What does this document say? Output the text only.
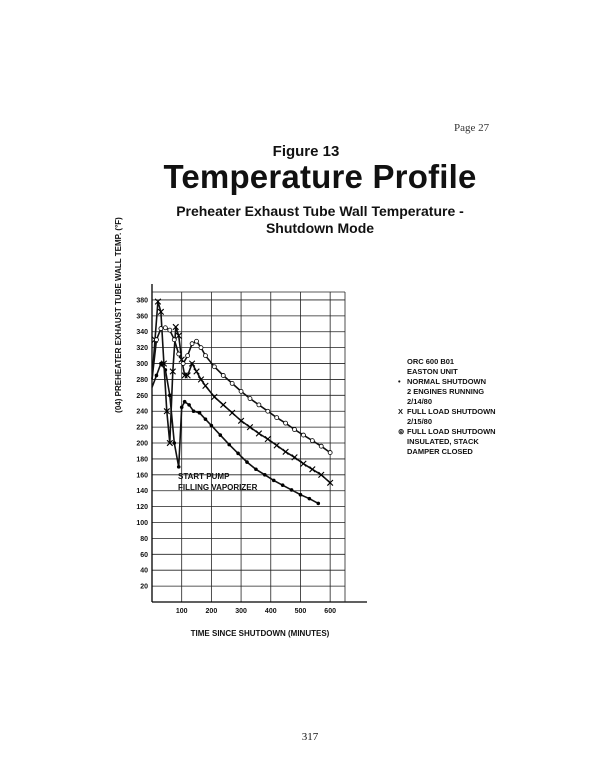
Page 27
Figure 13
Temperature Profile
Preheater Exhaust Tube Wall Temperature -
Shutdown Mode
20
40
60
80
100
120
140
160
180
200
220
240
260
280
300
320
340
360
380
100	200	300	400	500	600
(04) PREHEATER EXHAUST TUBE WALL TEMP. (°F)
TIME SINCE SHUTDOWN (MINUTES)
ORC 600 B01
EASTON UNIT
• NORMAL SHUTDOWN
2 ENGINES RUNNING
2/14/80
X FULL LOAD SHUTDOWN
2/15/80
⊚ FULL LOAD SHUTDOWN
INSULATED, STACK
DAMPER CLOSED
START PUMP
FILLING VAPORIZER
317
